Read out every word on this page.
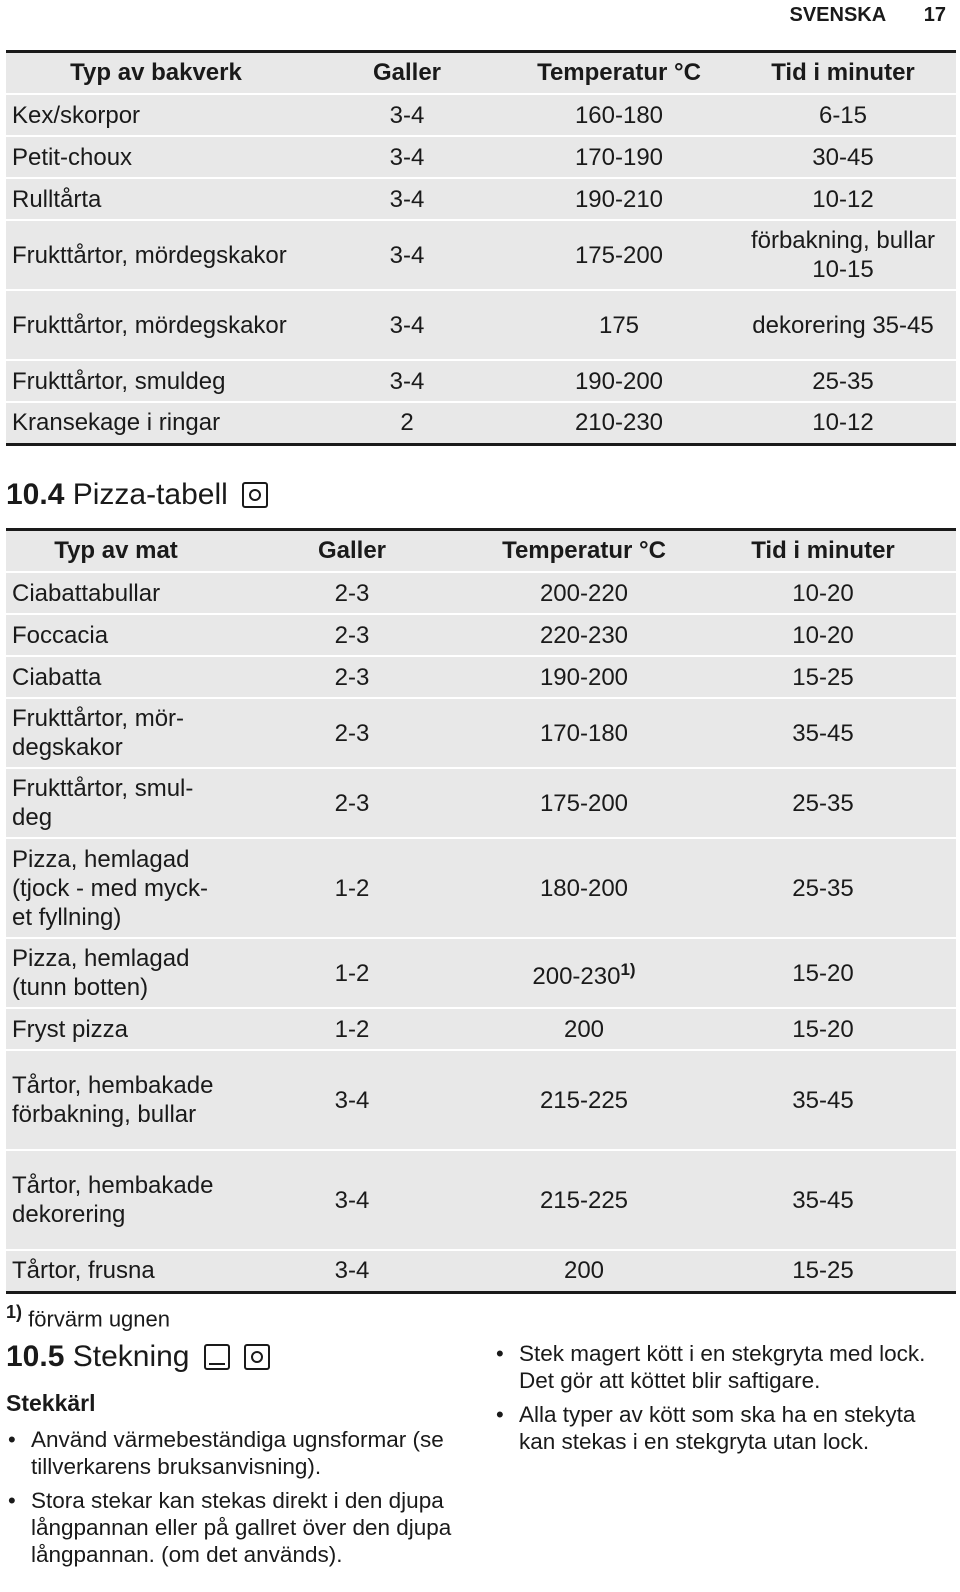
SVENSKA 17
Typ av bakverk	Galler	Temperatur °C	Tid i minuter
Kex/skorpor	3-4	160-180	6-15
Petit-choux	3-4	170-190	30-45
Rulltårta	3-4	190-210	10-12
Frukttårtor, mördegskakor	3-4	175-200	förbakning, bullar 10-15
Frukttårtor, mördegskakor	3-4	175	dekorering 35-45
Frukttårtor, smuldeg	3-4	190-200	25-35
Kransekage i ringar	2	210-230	10-12
10.4 Pizza-tabell
Typ av mat	Galler	Temperatur °C	Tid i minuter
Ciabattabullar	2-3	200-220	10-20
Foccacia	2-3	220-230	10-20
Ciabatta	2-3	190-200	15-25
Frukttårtor, mördegskakor	2-3	170-180	35-45
Frukttårtor, smuldeg	2-3	175-200	25-35
Pizza, hemlagad (tjock - med mycket fyllning)	1-2	180-200	25-35
Pizza, hemlagad (tunn botten)	1-2	200-230$^{1)}$	15-20
Fryst pizza	1-2	200	15-20
Tårtor, hembakade förbakning, bullar	3-4	215-225	35-45
Tårtor, hembakade dekorering	3-4	215-225	35-45
Tårtor, frusna	3-4	200	15-25
$^{1)}$ förvärm ugnen
10.5 Stekning
Stekkärl
• Använd värmebeständiga ugnsformar (se tillverkarens bruksanvisning).
• Stora stekar kan stekas direkt i den djupa långpannan eller på gallret över den djupa långpannan. (om det används).
• Stek magert kött i en stekgryta med lock. Det gör att köttet blir saftigare.
• Alla typer av kött som ska ha en stekyta kan stekas i en stekgryta utan lock.
